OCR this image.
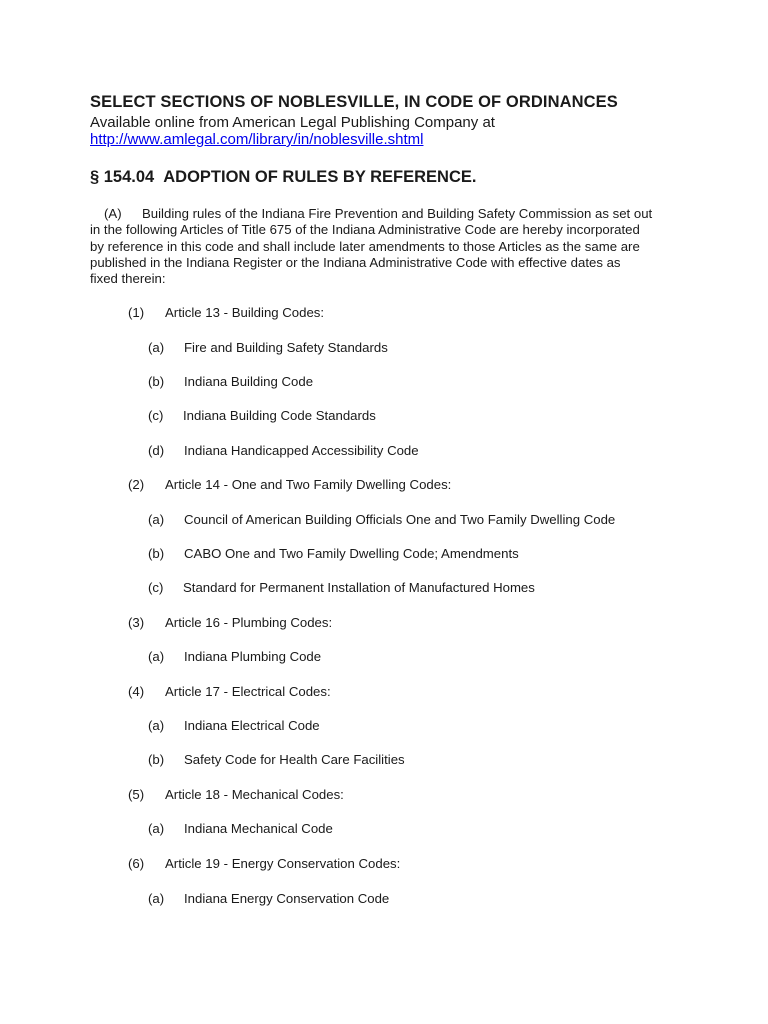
SELECT SECTIONS OF NOBLESVILLE, IN CODE OF ORDINANCES
Available online from American Legal Publishing Company at
http://www.amlegal.com/library/in/noblesville.shtml
§ 154.04 ADOPTION OF RULES BY REFERENCE.
(A) Building rules of the Indiana Fire Prevention and Building Safety Commission as set out
in the following Articles of Title 675 of the Indiana Administrative Code are hereby incorporated
by reference in this code and shall include later amendments to those Articles as the same are
published in the Indiana Register or the Indiana Administrative Code with effective dates as
fixed therein:
(1) Article 13 - Building Codes:
(a) Fire and Building Safety Standards
(b) Indiana Building Code
(c) Indiana Building Code Standards
(d) Indiana Handicapped Accessibility Code
(2) Article 14 - One and Two Family Dwelling Codes:
(a) Council of American Building Officials One and Two Family Dwelling Code
(b) CABO One and Two Family Dwelling Code; Amendments
(c) Standard for Permanent Installation of Manufactured Homes
(3) Article 16 - Plumbing Codes:
(a) Indiana Plumbing Code
(4) Article 17 - Electrical Codes:
(a) Indiana Electrical Code
(b) Safety Code for Health Care Facilities
(5) Article 18 - Mechanical Codes:
(a) Indiana Mechanical Code
(6) Article 19 - Energy Conservation Codes:
(a) Indiana Energy Conservation Code
